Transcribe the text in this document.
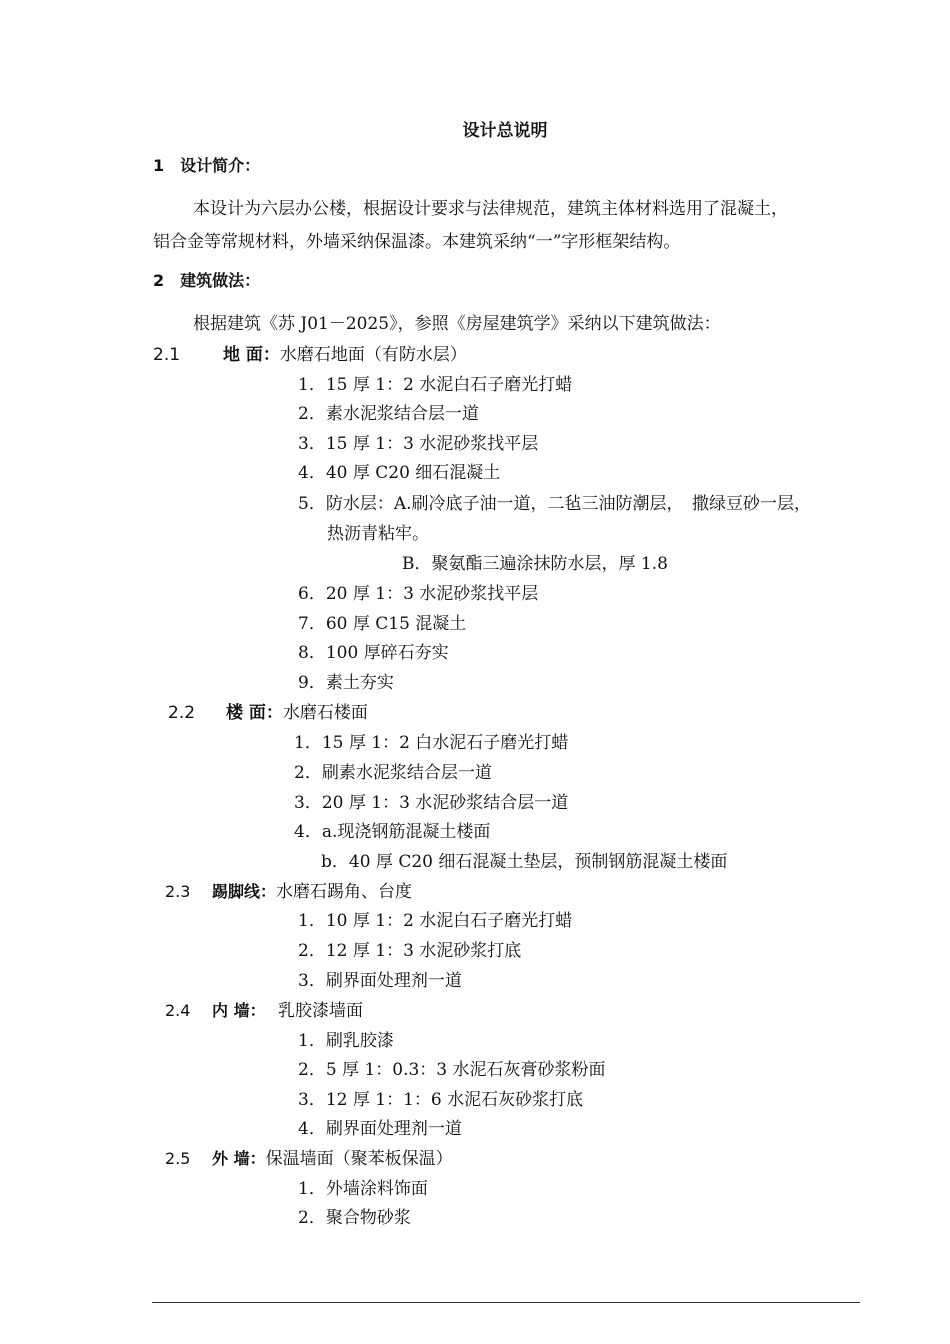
设计总说明
1　设计简介：
本设计为六层办公楼，根据设计要求与法律规范，建筑主体材料选用了混凝土，
铝合金等常规材料，外墙采纳保温漆。本建筑采纳“一”字形框架结构。
2　建筑做法：
根据建筑《苏 J01－2025》，参照《房屋建筑学》采纳以下建筑做法：
2.1	地 面：水磨石地面（有防水层）
1．15 厚 1：2 水泥白石子磨光打蜡
2．素水泥浆结合层一道
3．15 厚 1：3 水泥砂浆找平层
4．40 厚 C20 细石混凝土
5．防水层：A.刷冷底子油一道，二毡三油防潮层，　撒绿豆砂一层，
热沥青粘牢。
B．聚氨酯三遍涂抹防水层，厚 1.8
6．20 厚 1：3 水泥砂浆找平层
7．60 厚 C15 混凝土
8．100 厚碎石夯实
9．素土夯实
2.2 楼 面：水磨石楼面
1．15 厚 1：2 白水泥石子磨光打蜡
2．刷素水泥浆结合层一道
3．20 厚 1：3 水泥砂浆结合层一道
4．a.现浇钢筋混凝土楼面
b．40 厚 C20 细石混凝土垫层，预制钢筋混凝土楼面
2.3 踢脚线：水磨石踢角、台度
1．10 厚 1：2 水泥白石子磨光打蜡
2．12 厚 1：3 水泥砂浆打底
3．刷界面处理剂一道
2.4 内 墙： 乳胶漆墙面
1．刷乳胶漆
2．5 厚 1：0.3：3 水泥石灰膏砂浆粉面
3．12 厚 1：1：6 水泥石灰砂浆打底
4．刷界面处理剂一道
2.5 外 墙：保温墙面（聚苯板保温）
1．外墙涂料饰面
2．聚合物砂浆
